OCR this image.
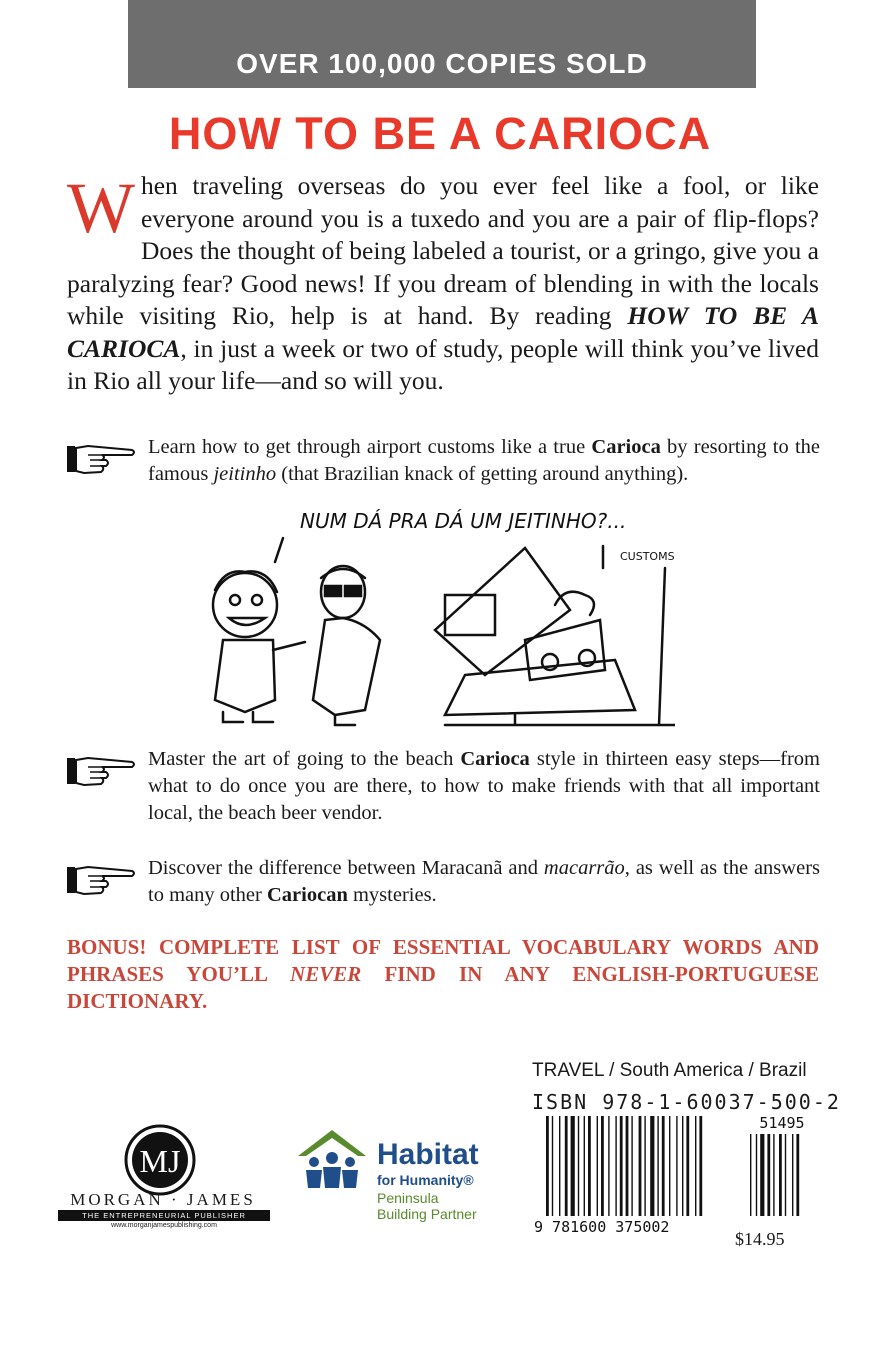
OVER 100,000 COPIES SOLD
HOW TO BE A CARIOCA
When traveling overseas do you ever feel like a fool, or like everyone around you is a tuxedo and you are a pair of flip-flops? Does the thought of being labeled a tourist, or a gringo, give you a paralyzing fear? Good news! If you dream of blending in with the locals while visiting Rio, help is at hand. By reading HOW TO BE A CARIOCA, in just a week or two of study, people will think you’ve lived in Rio all your life—and so will you.
Learn how to get through airport customs like a true Carioca by resorting to the famous jeitinho (that Brazilian knack of getting around anything).
NUM DÁ PRA DÁ UM JEITINHO?...
CUSTOMS
Master the art of going to the beach Carioca style in thirteen easy steps—from what to do once you are there, to how to make friends with that all important local, the beach beer vendor.
Discover the difference between Maracanã and macarrão, as well as the answers to many other Cariocan mysteries.
BONUS! COMPLETE LIST OF ESSENTIAL VOCABULARY WORDS AND PHRASES YOU’LL NEVER FIND IN ANY ENGLISH-PORTUGUESE DICTIONARY.
MJ
MORGAN · JAMES
THE ENTREPRENEURIAL PUBLISHER
www.morganjamespublishing.com
Habitat
for Humanity®
Peninsula
Building Partner
TRAVEL / South America / Brazil
ISBN 978-1-60037-500-2
51495
9 781600 375002
$14.95
